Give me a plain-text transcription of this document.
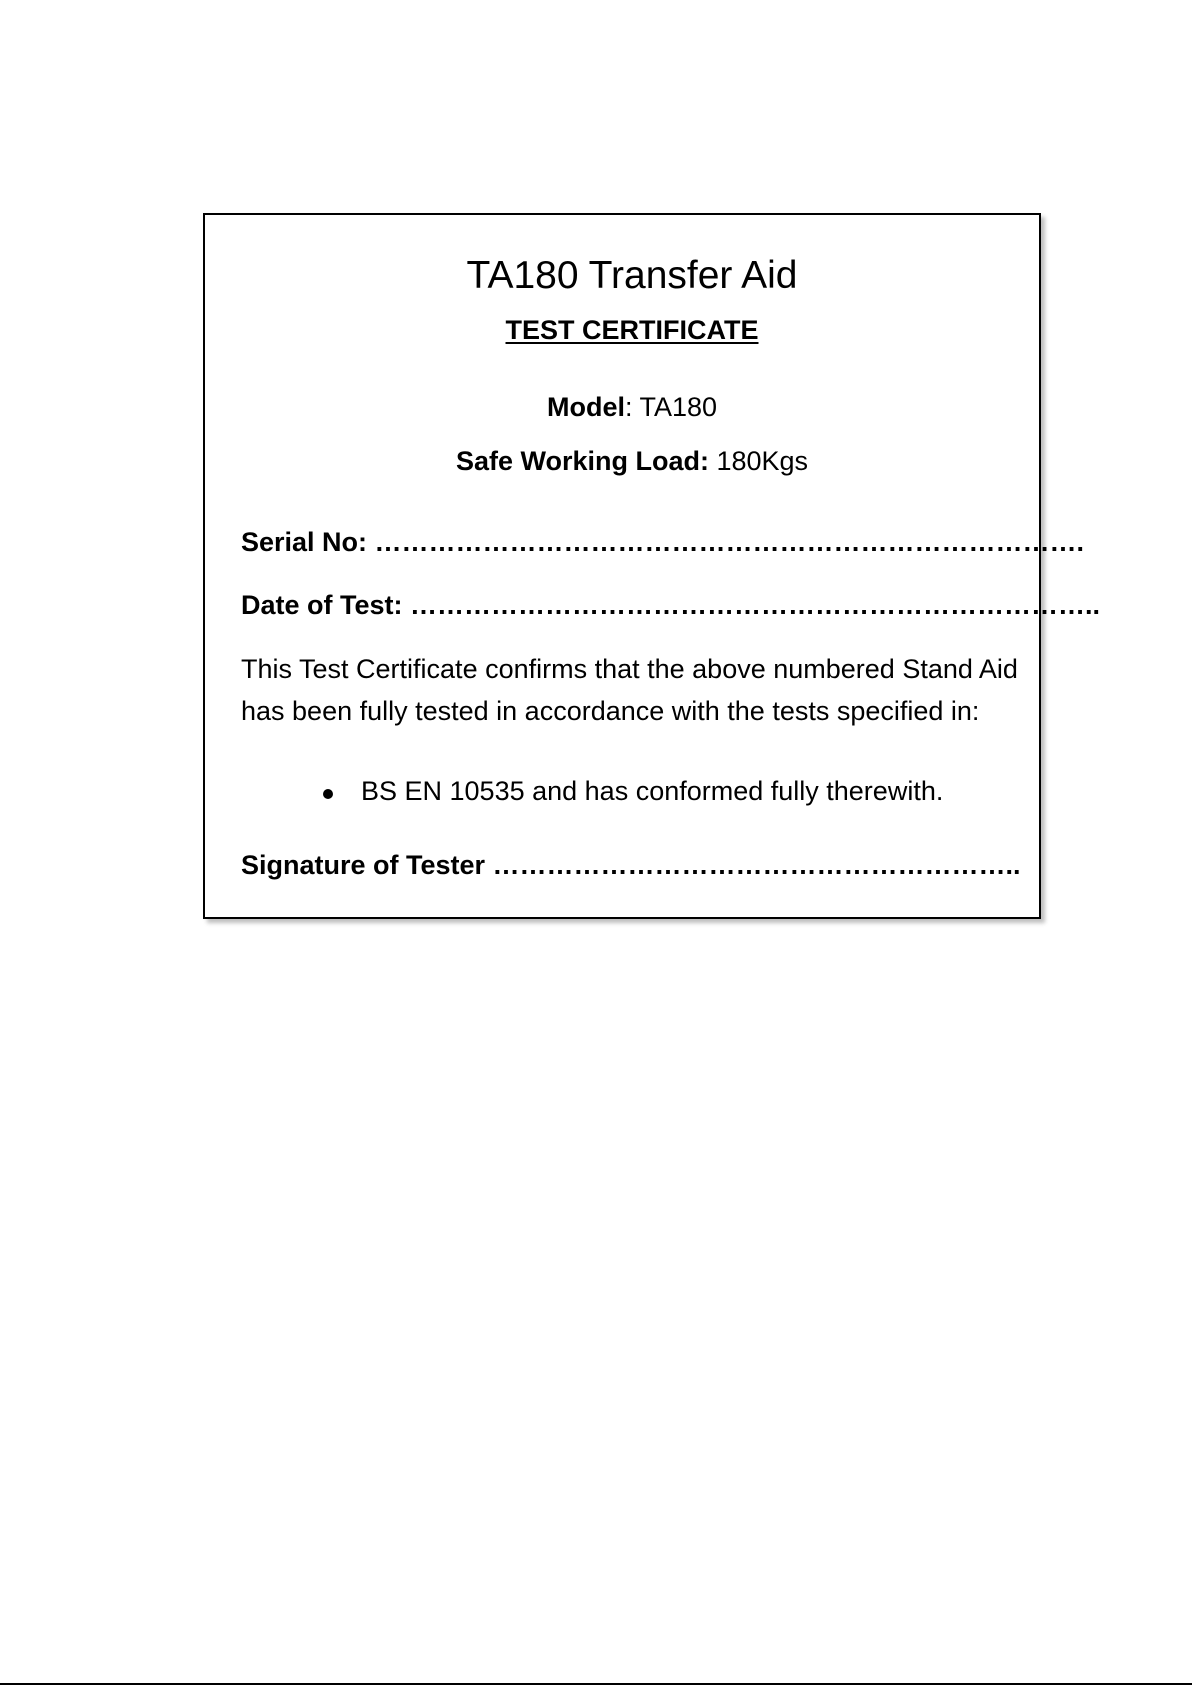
TA180 Transfer Aid
TEST CERTIFICATE
Model: TA180
Safe Working Load: 180Kgs
Serial No: …………………………………………………………………….
Date of Test: …………………………………………………………………..
This Test Certificate confirms that the above numbered Stand Aid has been fully tested in accordance with the tests specified in:
BS EN 10535 and has conformed fully therewith.
Signature of Tester …………………………………………………..
